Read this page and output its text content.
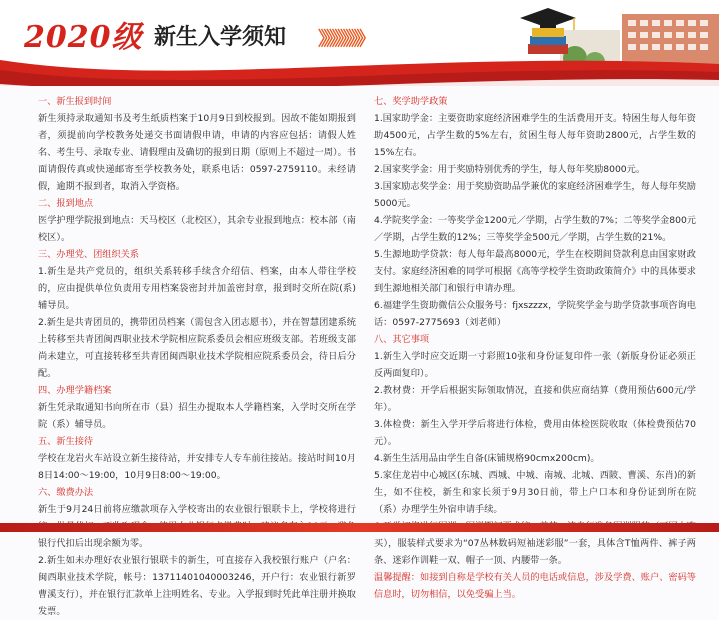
2020级 新生入学须知 》》》》》》》》
一、新生报到时间
新生须持录取通知书及考生纸质档案于10月9日到校报到。因故不能如期报到者，须提前向学校教务处递交书面请假申请，申请的内容应包括：请假人姓名、考生号、录取专业、请假理由及确切的报到日期（原则上不超过一周）。书面请假传真或快递邮寄至学校教务处，联系电话：0597-2759110。未经请假，逾期不报到者，取消入学资格。
二、报到地点
医学护理学院报到地点：天马校区（北校区），其余专业报到地点：校本部（南校区）。
三、办理党、团组织关系
1.新生是共产党员的，组织关系转移手续含介绍信、档案，由本人带往学校的，应由提供单位负责用专用档案袋密封并加盖密封章，报到时交所在院(系)辅导员。
2.新生是共青团员的，携带团员档案（需包含入团志愿书），并在智慧团建系统上转移至共青团闽西职业技术学院相应院系委员会相应班级支部。若班级支部尚未建立，可直接转移至共青团闽西职业技术学院相应院系委员会，待日后分配。
四、办理学籍档案
新生凭录取通知书向所在市（县）招生办提取本人学籍档案，入学时交所在学院（系）辅导员。
五、新生接待
学校在龙岩火车站设立新生接待站，并安排专人专车前往接站。接站时间10月8日14:00～19:00，10月9日8:00～19:00。
六、缴费办法
新生于9月24日前将应缴款项存入学校寄出的农业银行银联卡上，学校将进行 银行代扣后出现余额为零。
2.新生如未办理好农业银行银联卡的新生，可直接存入我校银行账户（户名：闽西职业技术学院，帐号：13711401040003246，开户行：农业银行新罗曹溪支行），并在银行汇款单上注明姓名、专业。入学报到时凭此单注册并换取发票。
七、奖学助学政策
1.国家助学金：主要资助家庭经济困难学生的生活费用开支。特困生每人每年资助4500元，占学生数的5%左右，贫困生每人每年资助2800元，占学生数的15%左右。
2.国家奖学金：用于奖励特别优秀的学生，每人每年奖励8000元。
3.国家励志奖学金：用于奖励资助品学兼优的家庭经济困难学生，每人每年奖励5000元。
4.学院奖学金：一等奖学金1200元／学期，占学生数的7%；二等奖学金800元／学期，占学生数的12%；三等奖学金500元／学期，占学生数的21%。
5.生源地助学贷款：每人每年最高8000元，学生在校期间贷款利息由国家财政支付。家庭经济困难的同学可根据《高等学校学生资助政策简介》中的具体要求到生源地相关部门和银行申请办理。
6.福建学生资助微信公众服务号：fjxszzzx，学院奖学金与助学贷款事项咨询电话：0597-2775693（刘老师）
八、其它事项
1.新生入学时应交近期一寸彩照10张和身份证复印件一张（新版身份证必须正反两面复印）。
2.教材费：开学后根据实际领取情况，直接和供应商结算（费用预估600元/学年）。
3.体检费：新生入学开学后将进行体检，费用由体检医院收取（体检费预估70元）。
4.新生生活用品由学生自备(床铺规格90cmx200cm)。
5.家住龙岩中心城区(东城、西城、中城、南城、北城、西陂、曹溪、东肖)的新生，如不住校，新生和家长须于9月30日前，带上户口本和身份证到所在院（系）办理学生外宿申请手续。
买），服装样式要求为“07丛林数码短袖迷彩服”一套，具体含T恤两件、裤子两条、迷彩作训鞋一双、帽子一顶、内腰带一条。
温馨提醒：如接到自称是学校有关人员的电话或信息，涉及学费、账户、密码等信息时，切勿相信，以免受骗上当。
